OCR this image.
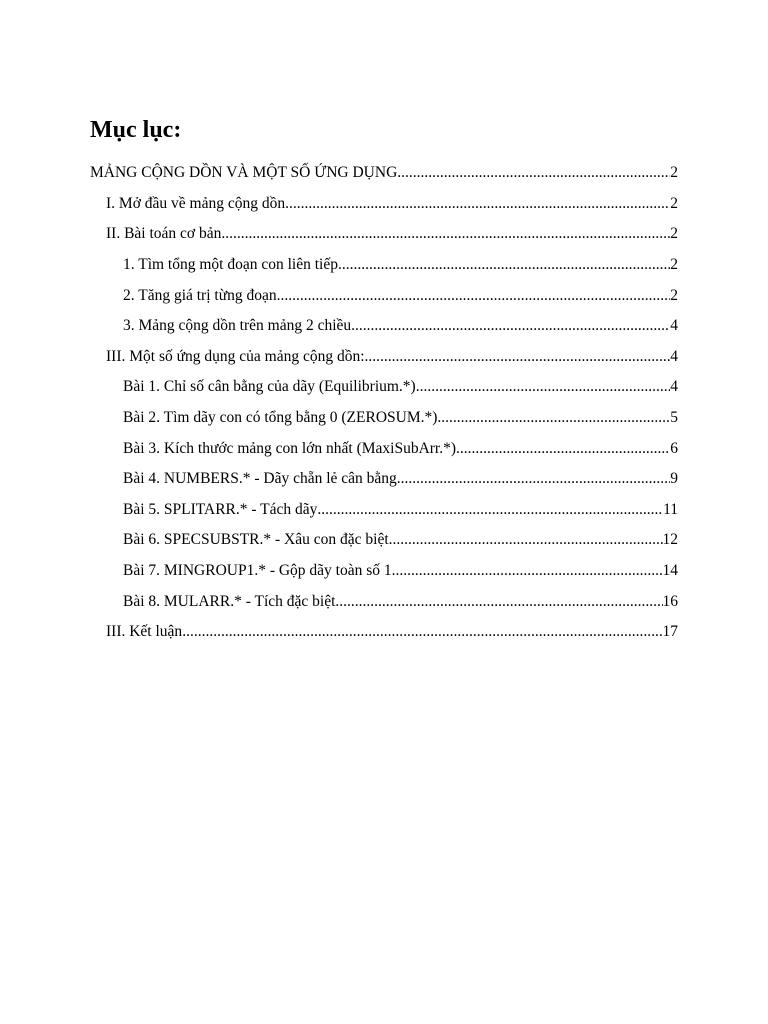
Mục lục:
MẢNG CỘNG DỒN VÀ MỘT SỐ ỨNG DỤNG .....	2
I. Mở đầu về mảng cộng dồn .....	2
II. Bài toán cơ bản .....	2
1. Tìm tổng một đoạn con liên tiếp .....	2
2. Tăng giá trị từng đoạn .....	2
3. Mảng cộng dồn trên mảng 2 chiều .....	4
III. Một số ứng dụng của mảng cộng dồn: .....	4
Bài 1. Chỉ số cân bằng của dãy (Equilibrium.*) .....	4
Bài 2. Tìm dãy con có tổng bằng 0 (ZEROSUM.*) .....	5
Bài 3. Kích thước mảng con lớn nhất (MaxiSubArr.*) .....	6
Bài 4. NUMBERS.* - Dãy chẵn lẻ cân bằng .....	9
Bài 5. SPLITARR.* - Tách dãy .....	11
Bài 6. SPECSUBSTR.* - Xâu con đặc biệt .....	12
Bài 7. MINGROUP1.* - Gộp dãy toàn số 1 .....	14
Bài 8. MULARR.* - Tích đặc biệt .....	16
III. Kết luận .....	17
